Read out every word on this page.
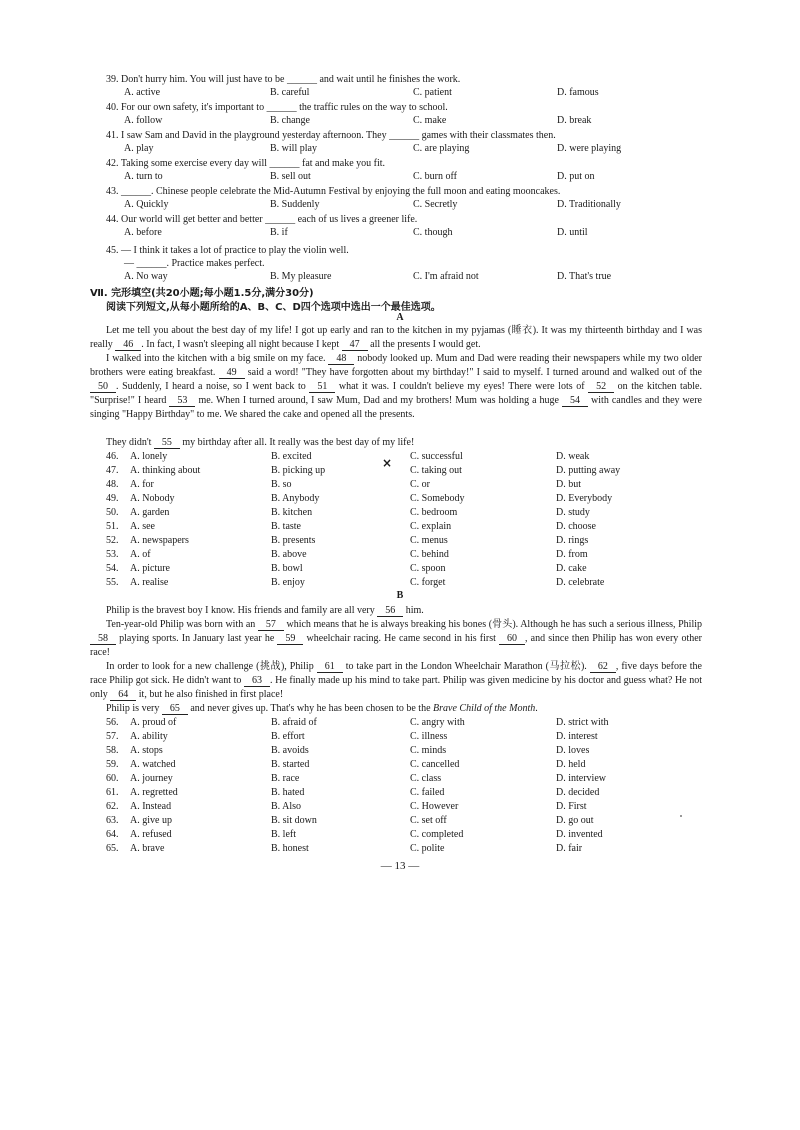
39. Don't hurry him. You will just have to be ______ and wait until he finishes the work.
A. active	B. careful	C. patient	D. famous
40. For our own safety, it's important to ______ the traffic rules on the way to school.
A. follow	B. change	C. make	D. break
41. I saw Sam and David in the playground yesterday afternoon. They ______ games with their classmates then.
A. play	B. will play	C. are playing	D. were playing
42. Taking some exercise every day will ______ fat and make you fit.
A. turn to	B. sell out	C. burn off	D. put on
43. ______. Chinese people celebrate the Mid-Autumn Festival by enjoying the full moon and eating mooncakes.
A. Quickly	B. Suddenly	C. Secretly	D. Traditionally
44. Our world will get better and better ______ each of us lives a greener life.
A. before	B. if	C. though	D. until
45. — I think it takes a lot of practice to play the violin well.
— ______. Practice makes perfect.
A. No way	B. My pleasure	C. I'm afraid not	D. That's true
Ⅶ. 完形填空(共20小题;每小题1.5分,满分30分)
阅读下列短文,从每小题所给的A、B、C、D四个选项中选出一个最佳选项。
A
Let me tell you about the best day of my life! I got up early and ran to the kitchen in my pyjamas (睡衣). It was my thirteenth birthday and I was really 46 . In fact, I wasn't sleeping all night because I kept 47 all the presents I would get.
I walked into the kitchen with a big smile on my face. 48 nobody looked up. Mum and Dad were reading their newspapers while my two older brothers were eating breakfast. 49 said a word! "They have forgotten about my birthday!" I said to myself. I turned around and walked out of the 50 . Suddenly, I heard a noise, so I went back to 51 what it was. I couldn't believe my eyes! There were lots of 52 on the kitchen table. "Surprise!" I heard 53 me. When I turned around, I saw Mum, Dad and my brothers! Mum was holding a huge 54 with candles and they were singing "Happy Birthday" to me. We shared the cake and opened all the presents.
They didn't 55 my birthday after all. It really was the best day of my life!
46. A. lonely	B. excited	C. successful	D. weak
47. A. thinking about	B. picking up	C. taking out	D. putting away
48. A. for	B. so	C. or	D. but
49. A. Nobody	B. Anybody	C. Somebody	D. Everybody
50. A. garden	B. kitchen	C. bedroom	D. study
51. A. see	B. taste	C. explain	D. choose
52. A. newspapers	B. presents	C. menus	D. rings
53. A. of	B. above	C. behind	D. from
54. A. picture	B. bowl	C. spoon	D. cake
55. A. realise	B. enjoy	C. forget	D. celebrate
×
B
Philip is the bravest boy I know. His friends and family are all very 56 him.
Ten-year-old Philip was born with an 57 which means that he is always breaking his bones (骨头). Although he has such a serious illness, Philip 58 playing sports. In January last year he 59 wheelchair racing. He came second in his first 60 , and since then Philip has won every other race!
In order to look for a new challenge (挑战), Philip 61 to take part in the London Wheelchair Marathon (马拉松). 62 , five days before the race Philip got sick. He didn't want to 63 . He finally made up his mind to take part. Philip was given medicine by his doctor and guess what? He not only 64 it, but he also finished in first place!
Philip is very 65 and never gives up. That's why he has been chosen to be the Brave Child of the Month.
56. A. proud of	B. afraid of	C. angry with	D. strict with
57. A. ability	B. effort	C. illness	D. interest
58. A. stops	B. avoids	C. minds	D. loves
59. A. watched	B. started	C. cancelled	D. held
60. A. journey	B. race	C. class	D. interview
61. A. regretted	B. hated	C. failed	D. decided
62. A. Instead	B. Also	C. However	D. First
63. A. give up	B. sit down	C. set off	D. go out
64. A. refused	B. left	C. completed	D. invented
65. A. brave	B. honest	C. polite	D. fair
— 13 —
